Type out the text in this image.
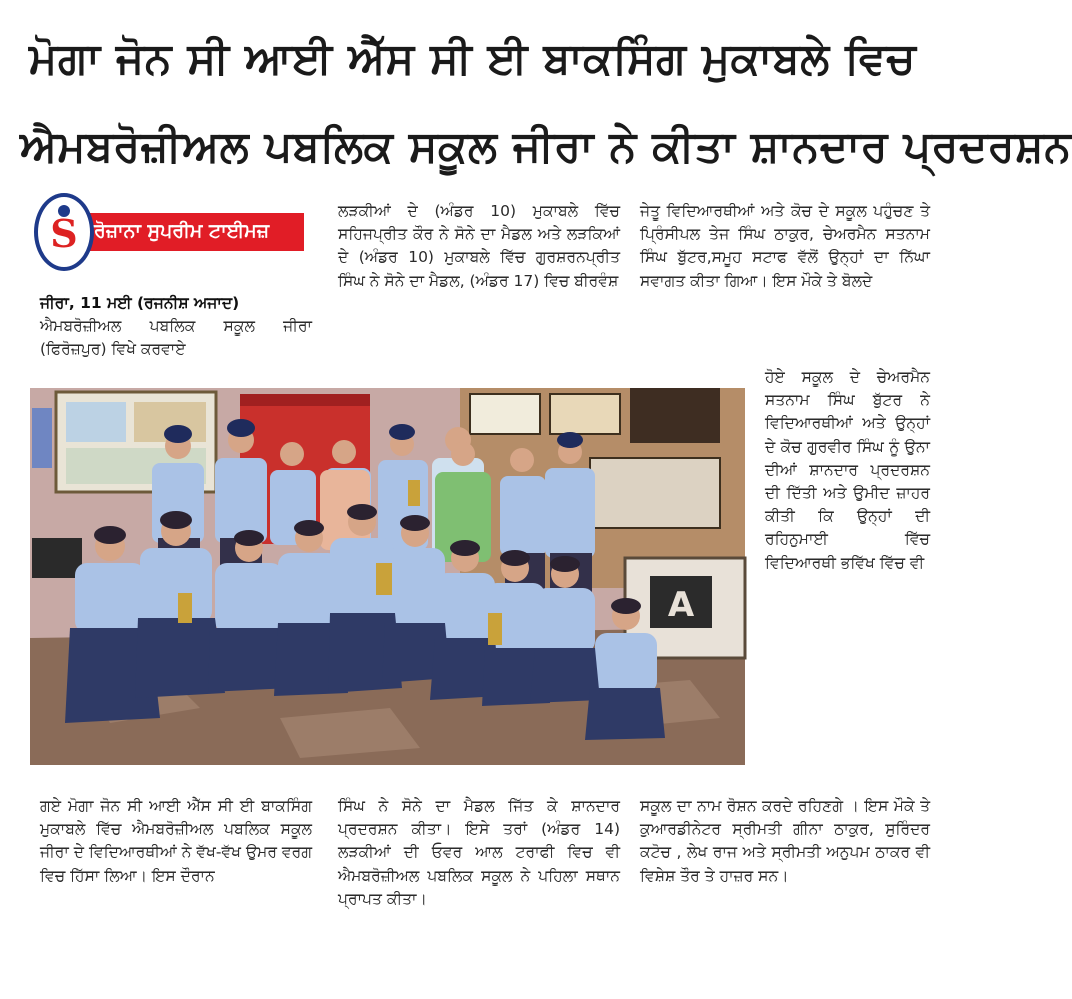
ਮੋਗਾ ਜੋਨ ਸੀ ਆਈ ਐੱਸ ਸੀ ਈ ਬਾਕਸਿੰਗ ਮੁਕਾਬਲੇ ਵਿਚ
ਐਮਬਰੋਜ਼ੀਅਲ ਪਬਲਿਕ ਸਕੂਲ ਜੀਰਾ ਨੇ ਕੀਤਾ ਸ਼ਾਨਦਾਰ ਪ੍ਰਦਰਸ਼ਨ
ਰੋਜ਼ਾਨਾ ਸੁਪਰੀਮ ਟਾਈਮਜ਼
S

ਜੀਰਾ, 11 ਮਈ (ਰਜਨੀਸ਼ ਅਜਾਦ)

ਐਮਬਰੋਜ਼ੀਅਲ ਪਬਲਿਕ ਸਕੂਲ ਜੀਰਾ (ਫਿਰੋਜ਼ਪੁਰ) ਵਿਖੇ ਕਰਵਾਏ

ਲੜਕੀਆਂ ਦੇ (ਅੰਡਰ 10) ਮੁਕਾਬਲੇ ਵਿੱਚ ਸਹਿਜਪ੍ਰੀਤ ਕੌਰ ਨੇ ਸੋਨੇ ਦਾ ਮੈਡਲ ਅਤੇ ਲੜਕਿਆਂ ਦੇ (ਅੰਡਰ 10) ਮੁਕਾਬਲੇ ਵਿੱਚ ਗੁਰਸ਼ਰਨਪ੍ਰੀਤ ਸਿੰਘ ਨੇ ਸੋਨੇ ਦਾ ਮੈਡਲ, (ਅੰਡਰ 17) ਵਿਚ ਬੀਰਵੰਸ਼

ਜੇਤੂ ਵਿਦਿਆਰਥੀਆਂ ਅਤੇ ਕੋਚ ਦੇ ਸਕੂਲ ਪਹੁੰਚਣ ਤੇ ਪ੍ਰਿੰਸੀਪਲ ਤੇਜ ਸਿੰਘ ਠਾਕੁਰ, ਚੇਅਰਮੈਨ ਸਤਨਾਮ ਸਿੰਘ ਬੁੱਟਰ,ਸਮੂਹ ਸਟਾਫ ਵੱਲੋਂ ਉਨ੍ਹਾਂ ਦਾ ਨਿੱਘਾ ਸਵਾਗਤ ਕੀਤਾ ਗਿਆ। ਇਸ ਮੌਕੇ ਤੇ ਬੋਲਦੇ

ਹੋਏ ਸਕੂਲ ਦੇ ਚੇਅਰਮੈਨ ਸਤਨਾਮ ਸਿੰਘ ਬੁੱਟਰ ਨੇ ਵਿਦਿਆਰਥੀਆਂ ਅਤੇ ਉਨ੍ਹਾਂ ਦੇ ਕੋਚ ਗੁਰਵੀਰ ਸਿੰਘ ਨੂੰ ਉਨਾ ਦੀਆਂ ਸ਼ਾਨਦਾਰ ਪ੍ਰਦਰਸ਼ਨ ਦੀ ਦਿੱਤੀ ਅਤੇ ਉਮੀਦ ਜ਼ਾਹਰ ਕੀਤੀ ਕਿ ਉਨ੍ਹਾਂ ਦੀ ਰਹਿਨੁਮਾਈ ਵਿੱਚ ਵਿਦਿਆਰਥੀ ਭਵਿੱਖ ਵਿੱਚ ਵੀ

A

ਗਏ ਮੋਗਾ ਜੋਨ ਸੀ ਆਈ ਐੱਸ ਸੀ ਈ ਬਾਕਸਿੰਗ ਮੁਕਾਬਲੇ ਵਿੱਚ ਐਮਬਰੋਜ਼ੀਅਲ ਪਬਲਿਕ ਸਕੂਲ ਜੀਰਾ ਦੇ ਵਿਦਿਆਰਥੀਆਂ ਨੇ ਵੱਖ-ਵੱਖ ਉਮਰ ਵਰਗ ਵਿਚ ਹਿੱਸਾ ਲਿਆ। ਇਸ ਦੌਰਾਨ

ਸਿੰਘ ਨੇ ਸੋਨੇ ਦਾ ਮੈਡਲ ਜਿੱਤ ਕੇ ਸ਼ਾਨਦਾਰ ਪ੍ਰਦਰਸ਼ਨ ਕੀਤਾ। ਇਸੇ ਤਰਾਂ (ਅੰਡਰ 14) ਲੜਕੀਆਂ ਦੀ ਓਵਰ ਆਲ ਟਰਾਫੀ ਵਿਚ ਵੀ ਐਮਬਰੋਜ਼ੀਅਲ ਪਬਲਿਕ ਸਕੂਲ ਨੇ ਪਹਿਲਾ ਸਥਾਨ ਪ੍ਰਾਪਤ ਕੀਤਾ।

ਸਕੂਲ ਦਾ ਨਾਮ ਰੋਸ਼ਨ ਕਰਦੇ ਰਹਿਣਗੇ । ਇਸ ਮੌਕੇ ਤੇ ਕੁਆਰਡੀਨੇਟਰ ਸ੍ਰੀਮਤੀ ਗੀਨਾ ਠਾਕੁਰ, ਸੁਰਿੰਦਰ ਕਟੋਚ , ਲੇਖ ਰਾਜ ਅਤੇ ਸ੍ਰੀਮਤੀ ਅਨੁਪਮ ਠਾਕਰ ਵੀ ਵਿਸ਼ੇਸ਼ ਤੌਰ ਤੇ ਹਾਜ਼ਰ ਸਨ।
